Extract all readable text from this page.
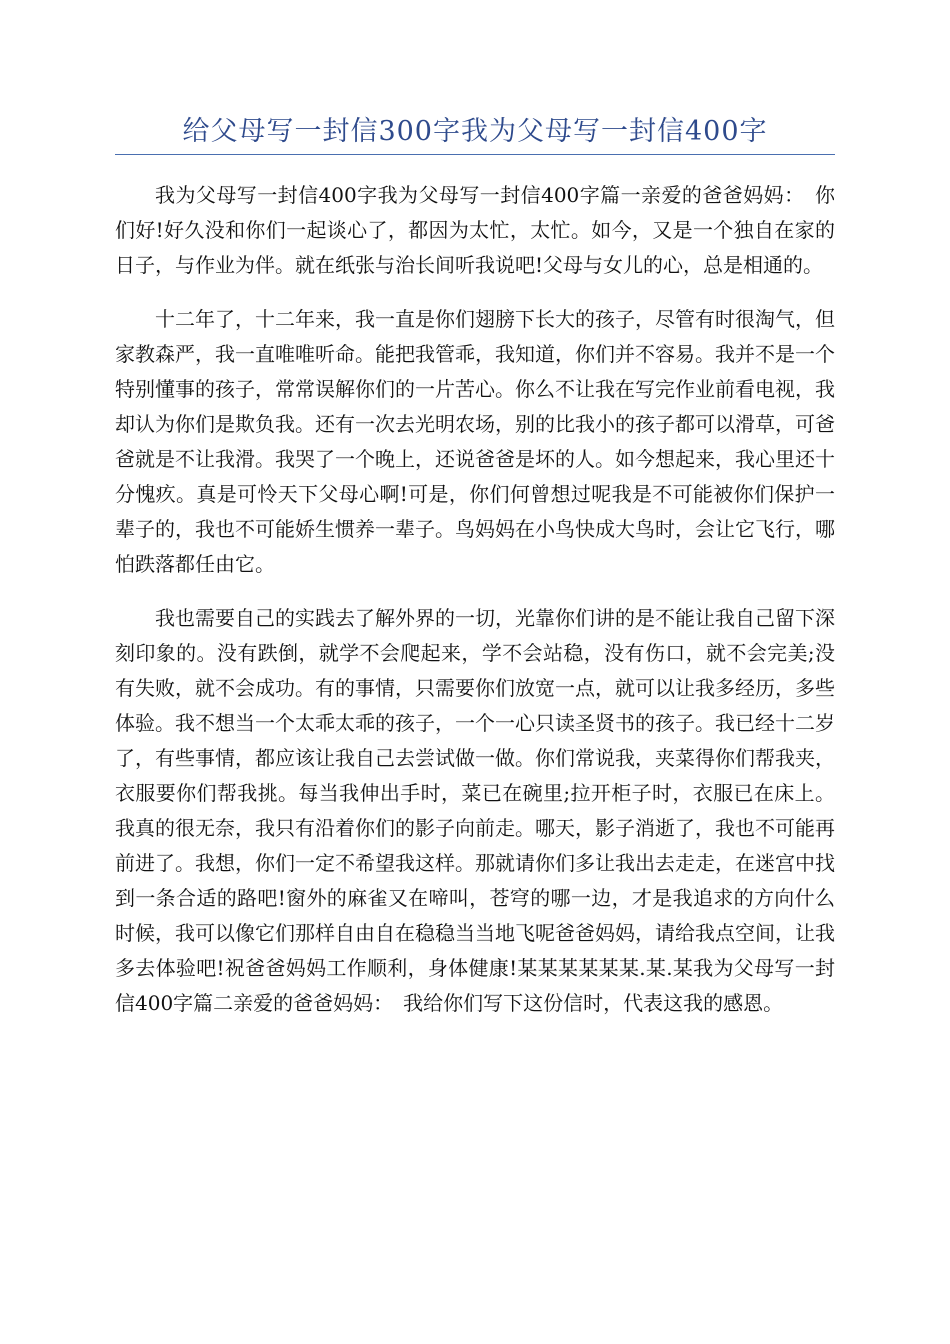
给父母写一封信300字我为父母写一封信400字

我为父母写一封信400字我为父母写一封信400字篇一亲爱的爸爸妈妈：　你们好!好久没和你们一起谈心了，都因为太忙，太忙。如今，又是一个独自在家的日子，与作业为伴。就在纸张与治长间听我说吧!父母与女儿的心，总是相通的。

十二年了，十二年来，我一直是你们翅膀下长大的孩子，尽管有时很淘气，但家教森严，我一直唯唯听命。能把我管乖，我知道，你们并不容易。我并不是一个特别懂事的孩子，常常误解你们的一片苦心。你么不让我在写完作业前看电视，我却认为你们是欺负我。还有一次去光明农场，别的比我小的孩子都可以滑草，可爸爸就是不让我滑。我哭了一个晚上，还说爸爸是坏的人。如今想起来，我心里还十分愧疚。真是可怜天下父母心啊!可是，你们何曾想过呢我是不可能被你们保护一辈子的，我也不可能娇生惯养一辈子。鸟妈妈在小鸟快成大鸟时，会让它飞行，哪怕跌落都任由它。

我也需要自己的实践去了解外界的一切，光靠你们讲的是不能让我自己留下深刻印象的。没有跌倒，就学不会爬起来，学不会站稳，没有伤口，就不会完美;没有失败，就不会成功。有的事情，只需要你们放宽一点，就可以让我多经历，多些体验。我不想当一个太乖太乖的孩子，一个一心只读圣贤书的孩子。我已经十二岁了，有些事情，都应该让我自己去尝试做一做。你们常说我，夹菜得你们帮我夹，衣服要你们帮我挑。每当我伸出手时，菜已在碗里;拉开柜子时，衣服已在床上。我真的很无奈，我只有沿着你们的影子向前走。哪天，影子消逝了，我也不可能再前进了。我想，你们一定不希望我这样。那就请你们多让我出去走走，在迷宫中找到一条合适的路吧!窗外的麻雀又在啼叫，苍穹的哪一边，才是我追求的方向什么时候，我可以像它们那样自由自在稳稳当当地飞呢爸爸妈妈，请给我点空间，让我多去体验吧!祝爸爸妈妈工作顺利，身体健康!某某某某某某.某.某我为父母写一封信400字篇二亲爱的爸爸妈妈：　我给你们写下这份信时，代表这我的感恩。
